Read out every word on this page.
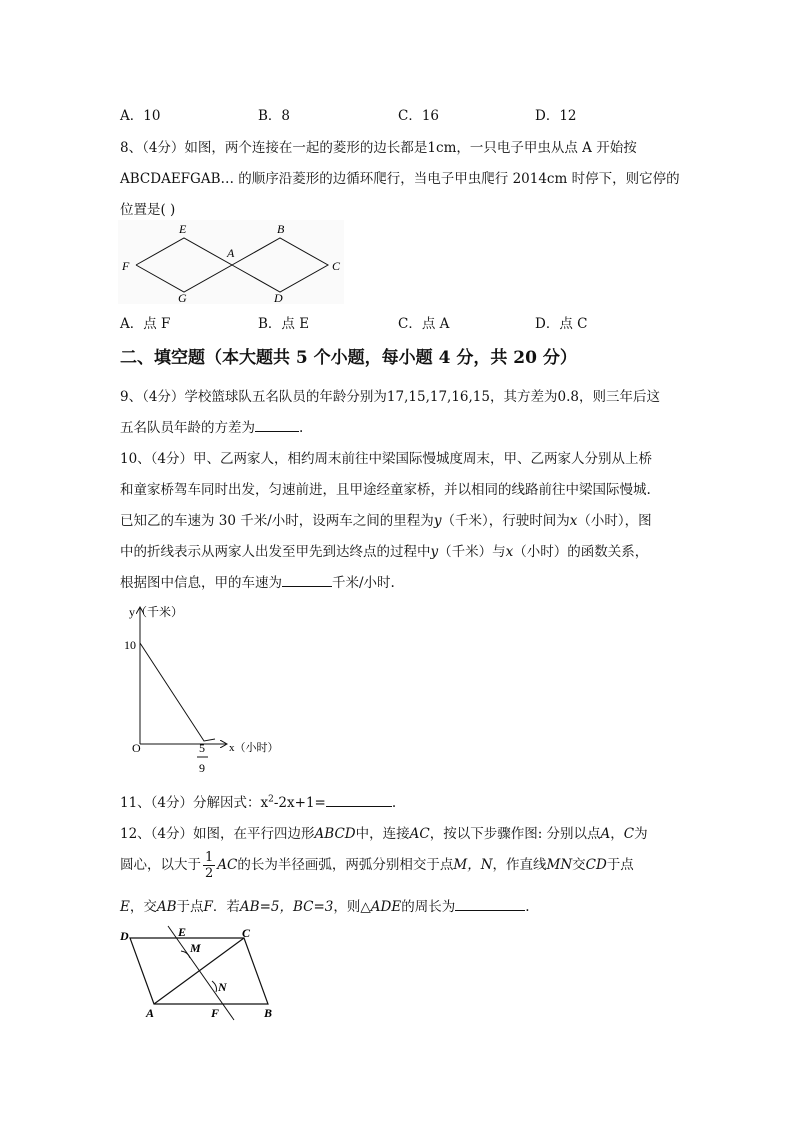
A．10	B．8	C．16	D．12
8、（4分）如图，两个连接在一起的菱形的边长都是1cm，一只电子甲虫从点 A 开始按
ABCDAEFGAB… 的顺序沿菱形的边循环爬行，当电子甲虫爬行 2014cm 时停下，则它停的
位置是( )
E	B
A
F	C
G	D
A．点 F	B．点 E	C．点 A	D．点 C
二、填空题（本大题共 5 个小题，每小题 4 分，共 20 分）
9、（4分）学校篮球队五名队员的年龄分别为17,15,17,16,15，其方差为0.8，则三年后这
五名队员年龄的方差为	.
10、（4分）甲、乙两家人，相约周末前往中梁国际慢城度周末，甲、乙两家人分别从上桥
和童家桥驾车同时出发，匀速前进，且甲途经童家桥，并以相同的线路前往中梁国际慢城.
已知乙的车速为 30 千米/小时，设两车之间的里程为y（千米），行驶时间为x（小时），图
中的折线表示从两家人出发至甲先到达终点的过程中y（千米）与x（小时）的函数关系，
根据图中信息，甲的车速为	千米/小时.
y（千米）
10
O	x（小时）
5
9
11、（4分）分解因式：$x^2-2x+1=$	.
12、（4分）如图，在平行四边形ABCD中，连接AC，按以下步骤作图: 分别以点A，C为
圆心，以大于 $\frac{1}{2}$ AC的长为半径画弧，两弧分别相交于点M，N，作直线MN交CD于点
E，交AB于点F．若AB=5，BC=3，则△ADE的周长为	.
D	E	C
M
N
A	F	B
